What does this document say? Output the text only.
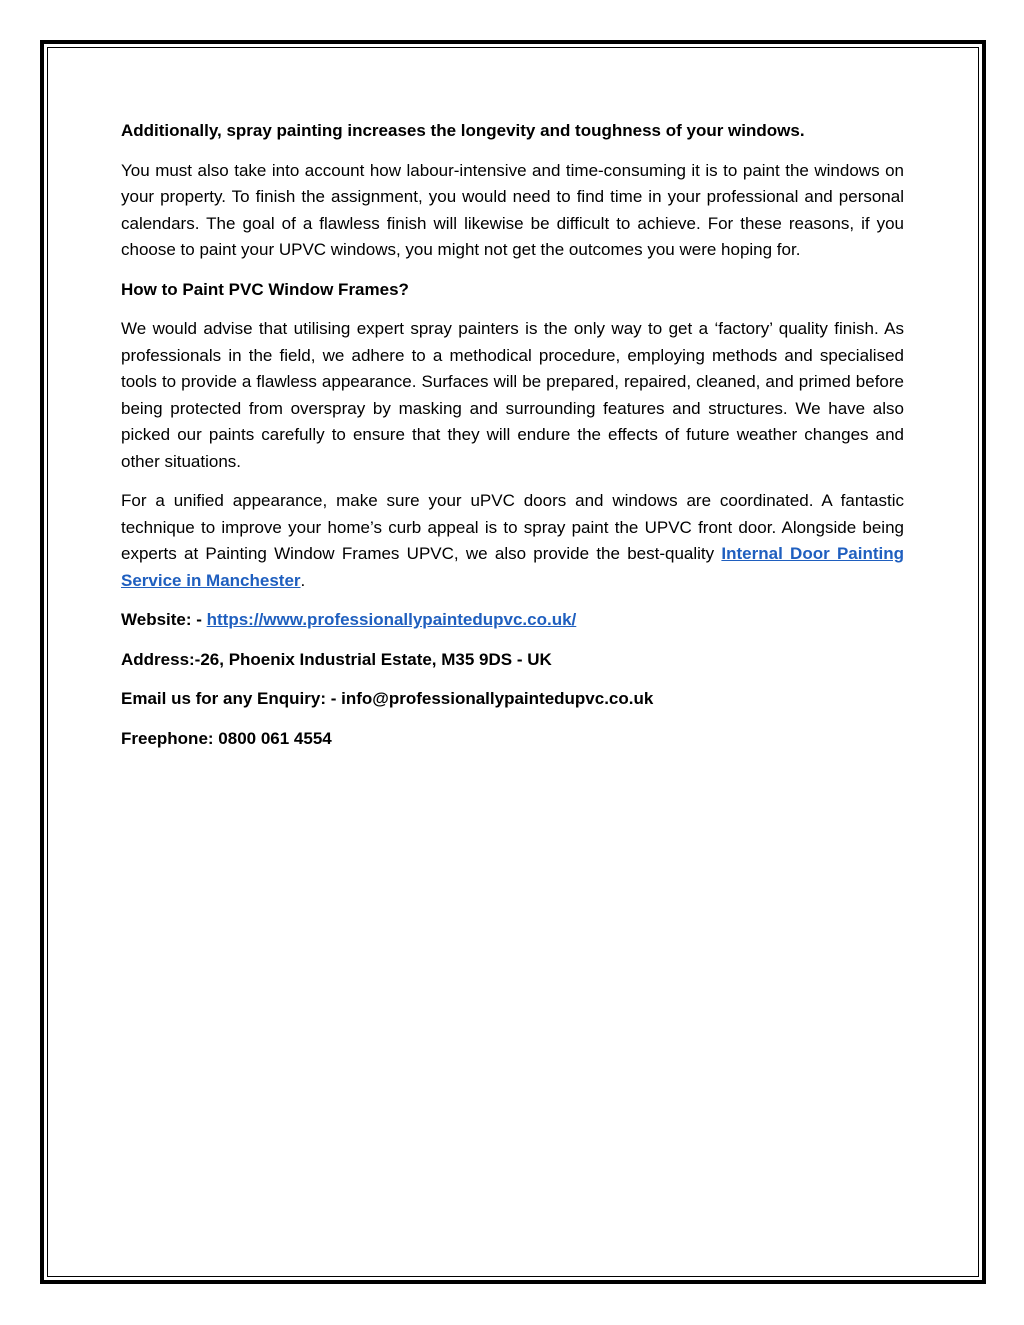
Additionally, spray painting increases the longevity and toughness of your windows.

You must also take into account how labour-intensive and time-consuming it is to paint the windows on your property. To finish the assignment, you would need to find time in your professional and personal calendars. The goal of a flawless finish will likewise be difficult to achieve. For these reasons, if you choose to paint your UPVC windows, you might not get the outcomes you were hoping for.

How to Paint PVC Window Frames?

We would advise that utilising expert spray painters is the only way to get a ‘factory’ quality finish. As professionals in the field, we adhere to a methodical procedure, employing methods and specialised tools to provide a flawless appearance. Surfaces will be prepared, repaired, cleaned, and primed before being protected from overspray by masking and surrounding features and structures. We have also picked our paints carefully to ensure that they will endure the effects of future weather changes and other situations.

For a unified appearance, make sure your uPVC doors and windows are coordinated. A fantastic technique to improve your home’s curb appeal is to spray paint the UPVC front door. Alongside being experts at Painting Window Frames UPVC, we also provide the best-quality Internal Door Painting Service in Manchester.

Website: - https://www.professionallypaintedupvc.co.uk/

Address:-26, Phoenix Industrial Estate, M35 9DS - UK

Email us for any Enquiry: - info@professionallypaintedupvc.co.uk

Freephone: 0800 061 4554
